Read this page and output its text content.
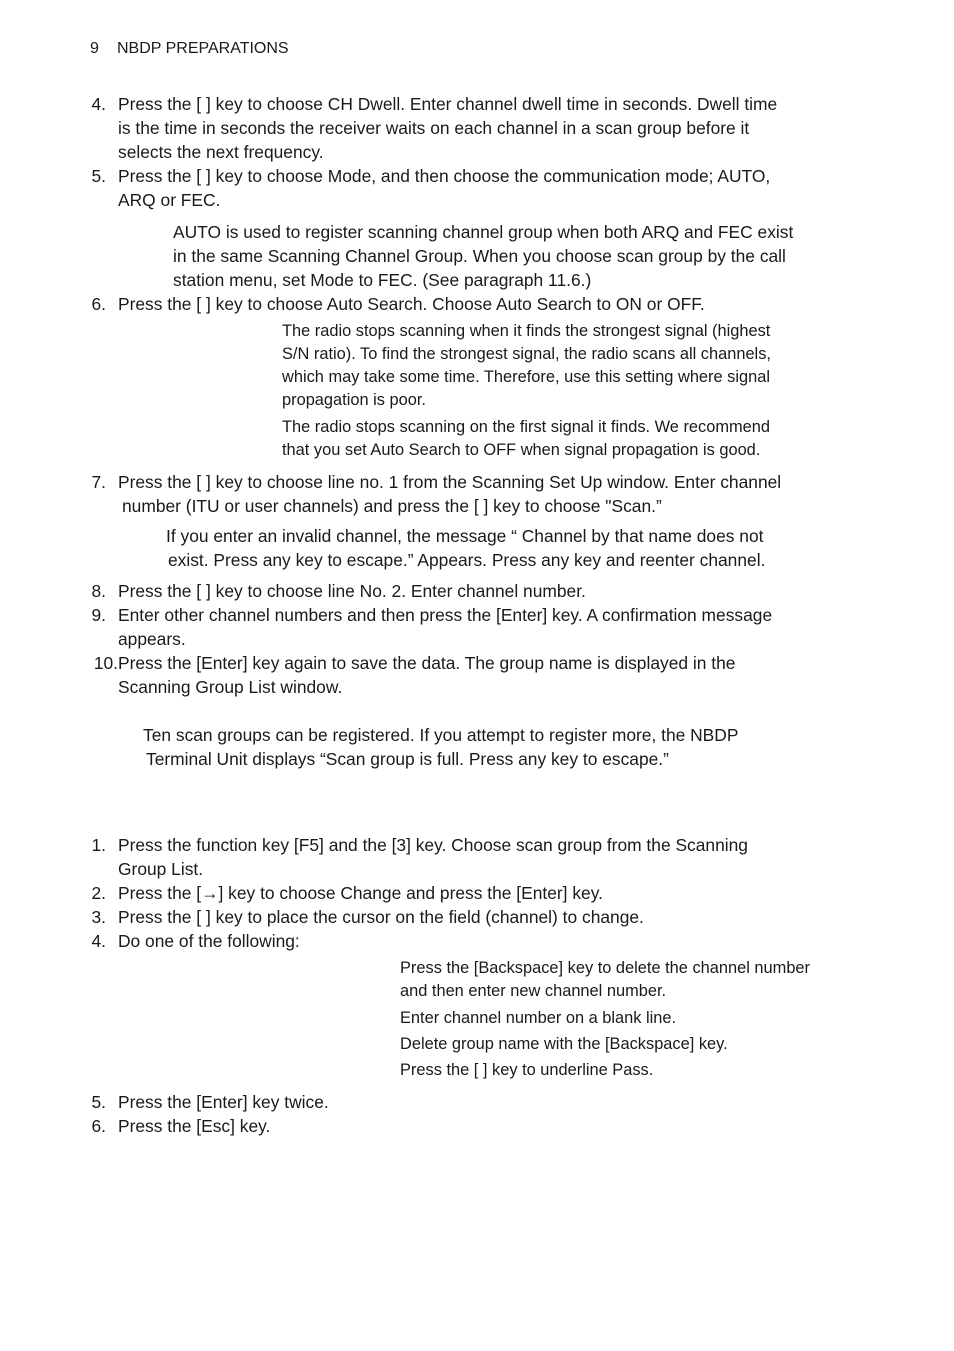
9 NBDP PREPARATIONS
4. Press the [ ] key to choose CH Dwell. Enter channel dwell time in seconds. Dwell time
is the time in seconds the receiver waits on each channel in a scan group before it
selects the next frequency.
5. Press the [ ] key to choose Mode, and then choose the communication mode; AUTO,
ARQ or FEC.
AUTO is used to register scanning channel group when both ARQ and FEC exist
in the same Scanning Channel Group. When you choose scan group by the call
station menu, set Mode to FEC. (See paragraph 11.6.)
6. Press the [ ] key to choose Auto Search. Choose Auto Search to ON or OFF.
The radio stops scanning when it finds the strongest signal (highest
S/N ratio). To find the strongest signal, the radio scans all channels,
which may take some time. Therefore, use this setting where signal
propagation is poor.
The radio stops scanning on the first signal it finds. We recommend
that you set Auto Search to OFF when signal propagation is good.
7. Press the [ ] key to choose line no. 1 from the Scanning Set Up window. Enter channel
number (ITU or user channels) and press the [ ] key to choose "Scan.”
If you enter an invalid channel, the message “ Channel by that name does not
exist. Press any key to escape.” Appears. Press any key and reenter channel.
8. Press the [ ] key to choose line No. 2. Enter channel number.
9. Enter other channel numbers and then press the [Enter] key. A confirmation message
appears.
10. Press the [Enter] key again to save the data. The group name is displayed in the
Scanning Group List window.
Ten scan groups can be registered. If you attempt to register more, the NBDP
Terminal Unit displays “Scan group is full. Press any key to escape.”
1. Press the function key [F5] and the [3] key. Choose scan group from the Scanning
Group List.
2. Press the [→] key to choose Change and press the [Enter] key.
3. Press the [ ] key to place the cursor on the field (channel) to change.
4. Do one of the following:
Press the [Backspace] key to delete the channel number
and then enter new channel number.
Enter channel number on a blank line.
Delete group name with the [Backspace] key.
Press the [ ] key to underline Pass.
5. Press the [Enter] key twice.
6. Press the [Esc] key.
